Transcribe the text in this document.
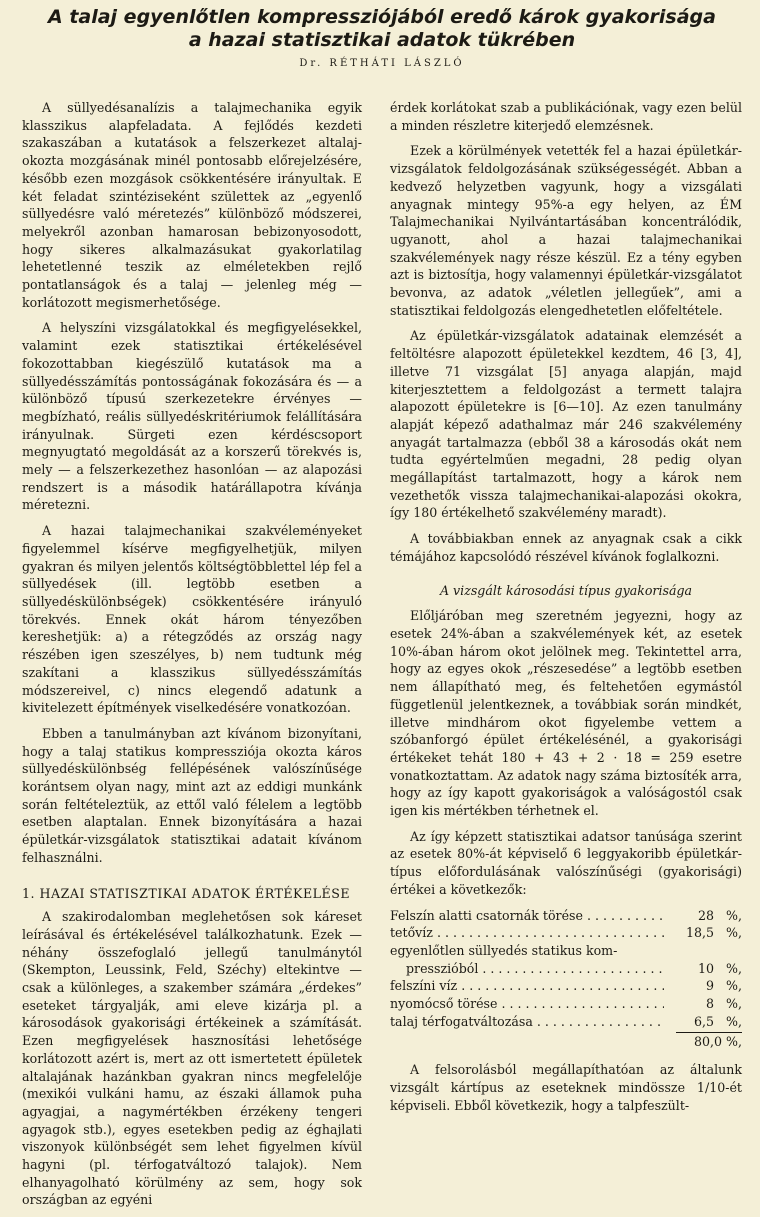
A talaj egyenlőtlen kompressziójából eredő károk gyakorisága
a hazai statisztikai adatok tükrében
Dr. RÉTHÁTI LÁSZLÓ

A süllyedésanalízis a talajmechanika egyik klasszikus alapfeladata. A fejlődés kezdeti szakaszában a kutatások a felszerkezet altalaj-okozta mozgásának minél pontosabb előrejelzésére, később ezen mozgások csökkentésére irányultak. E két feladat szintéziseként születtek az „egyenlő süllyedésre való méretezés” különböző módszerei, melyekről azonban hamarosan bebizonyosodott, hogy sikeres alkalmazásukat gyakorlatilag lehetetlenné teszik az elméletekben rejlő pontatlanságok és a talaj — jelenleg még — korlátozott megismerhetősége.

A helyszíni vizsgálatokkal és megfigyelésekkel, valamint ezek statisztikai értékelésével fokozottabban kiegészülő kutatások ma a süllyedésszámítás pontosságának fokozására és — a különböző típusú szerkezetekre érvényes — megbízható, reális süllyedéskritériumok felállítására irányulnak. Sürgeti ezen kérdéscsoport megnyugtató megoldását az a korszerű törekvés is, mely — a felszerkezethez hasonlóan — az alapozási rendszert is a második határállapotra kívánja méretezni.

A hazai talajmechanikai szakvéleményeket figyelemmel kísérve megfigyelhetjük, milyen gyakran és milyen jelentős költségtöbblettel lép fel a süllyedések (ill. legtöbb esetben a süllyedéskülönbségek) csökkentésére irányuló törekvés. Ennek okát három tényezőben kereshetjük: a) a rétegződés az ország nagy részében igen szeszélyes, b) nem tudtunk még szakítani a klasszikus süllyedésszámítás módszereivel, c) nincs elegendő adatunk a kivitelezett építmények viselkedésére vonatkozóan.

Ebben a tanulmányban azt kívánom bizonyítani, hogy a talaj statikus kompressziója okozta káros süllyedéskülönbség fellépésének valószínűsége korántsem olyan nagy, mint azt az eddigi munkánk során feltételeztük, az ettől való félelem a legtöbb esetben alaptalan. Ennek bizonyítására a hazai épületkár-vizsgálatok statisztikai adatait kívánom felhasználni.

1. HAZAI STATISZTIKAI ADATOK ÉRTÉKELÉSE

A szakirodalomban meglehetősen sok káreset leírásával és értékelésével találkozhatunk. Ezek — néhány összefoglaló jellegű tanulmánytól (Skempton, Leussink, Feld, Széchy) eltekintve — csak a különleges, a szakember számára „érdekes” eseteket tárgyalják, ami eleve kizárja pl. a károsodások gyakorisági értékeinek a számítását. Ezen megfigyelések hasznosítási lehetősége korlátozott azért is, mert az ott ismertetett épületek altalajának hazánkban gyakran nincs megfelelője (mexikói vulkáni hamu, az északi államok puha agyagjai, a nagymértékben érzékeny tengeri agyagok stb.), egyes esetekben pedig az éghajlati viszonyok különbségét sem lehet figyelmen kívül hagyni (pl. térfogatváltozó talajok). Nem elhanyagolható körülmény az sem, hogy sok országban az egyéni

érdek korlátokat szab a publikációnak, vagy ezen belül a minden részletre kiterjedő elemzésnek.

Ezek a körülmények vetették fel a hazai épületkár-vizsgálatok feldolgozásának szükségességét. Abban a kedvező helyzetben vagyunk, hogy a vizsgálati anyagnak mintegy 95%-a egy helyen, az ÉM Talajmechanikai Nyilvántartásában koncentrálódik, ugyanott, ahol a hazai talajmechanikai szakvélemények nagy része készül. Ez a tény egyben azt is biztosítja, hogy valamennyi épületkár-vizsgálatot bevonva, az adatok „véletlen jellegűek”, ami a statisztikai feldolgozás elengedhetetlen előfeltétele.

Az épületkár-vizsgálatok adatainak elemzését a feltöltésre alapozott épületekkel kezdtem, 46 [3, 4], illetve 71 vizsgálat [5] anyaga alapján, majd kiterjesztettem a feldolgozást a termett talajra alapozott épületekre is [6—10]. Az ezen tanulmány alapját képező adathalmaz már 246 szakvélemény anyagát tartalmazza (ebből 38 a károsodás okát nem tudta egyértelműen megadni, 28 pedig olyan megállapítást tartalmazott, hogy a károk nem vezethetők vissza talajmechanikai-alapozási okokra, így 180 értékelhető szakvélemény maradt).

A továbbiakban ennek az anyagnak csak a cikk témájához kapcsolódó részével kívánok foglalkozni.

A vizsgált károsodási típus gyakorisága

Előljáróban meg szeretném jegyezni, hogy az esetek 24%-ában a szakvélemények két, az esetek 10%-ában három okot jelölnek meg. Tekintettel arra, hogy az egyes okok „részesedése” a legtöbb esetben nem állapítható meg, és feltehetően egymástól függetlenül jelentkeznek, a továbbiak során mindkét, illetve mindhárom okot figyelembe vettem a szóbanforgó épület értékelésénél, a gyakorisági értékeket tehát 180 + 43 + 2 · 18 = 259 esetre vonatkoztattam. Az adatok nagy száma biztosíték arra, hogy az így kapott gyakoriságok a valóságostól csak igen kis mértékben térhetnek el.

Az így képzett statisztikai adatsor tanúsága szerint az esetek 80%-át képviselő 6 leggyakoribb épületkár-típus előfordulásának valószínűségi (gyakorisági) értékei a következők:

Felszín alatti csatornák törése . . .	28 %,
tetővíz . . .	18,5 %,
egyenlőtlen süllyedés statikus kom-
presszióból . . .	10 %,
felszíni víz . . .	9 %,
nyomócső törése . . .	8 %,
talaj térfogatváltozása . . .	6,5 %,
80,0 %,

A felsorolásból megállapíthatóan az általunk vizsgált kártípus az eseteknek mindössze 1/10-ét képviseli. Ebből következik, hogy a talpfeszült-
